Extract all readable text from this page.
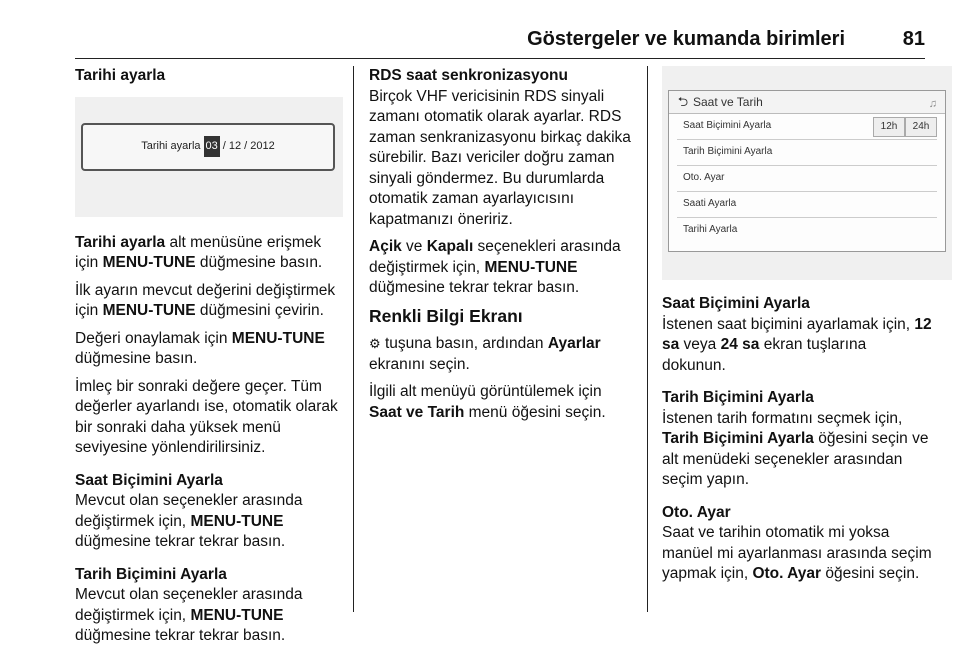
Göstergeler ve kumanda birimleri	81

Tarihi ayarla

Tarihi ayarla 03 / 12 / 2012

Tarihi ayarla alt menüsüne erişmek için MENU-TUNE düğmesine basın.

İlk ayarın mevcut değerini değiştirmek için MENU-TUNE düğmesini çevirin.

Değeri onaylamak için MENU-TUNE düğmesine basın.

İmleç bir sonraki değere geçer. Tüm değerler ayarlandı ise, otomatik olarak bir sonraki daha yüksek menü seviyesine yönlendirilirsiniz.

Saat Biçimini Ayarla

Mevcut olan seçenekler arasında değiştirmek için, MENU-TUNE düğmesine tekrar tekrar basın.

Tarih Biçimini Ayarla

Mevcut olan seçenekler arasında değiştirmek için, MENU-TUNE düğmesine tekrar tekrar basın.

RDS saat senkronizasyonu

Birçok VHF vericisinin RDS sinyali zamanı otomatik olarak ayarlar. RDS zaman senkranizasyonu birkaç dakika sürebilir. Bazı vericiler doğru zaman sinyali göndermez. Bu durumlarda otomatik zaman ayarlayıcısını kapatmanızı öneririz.

Açik ve Kapalı seçenekleri arasında değiştirmek için, MENU-TUNE düğmesine tekrar tekrar basın.

Renkli Bilgi Ekranı

⚙ tuşuna basın, ardından Ayarlar ekranını seçin.

İlgili alt menüyü görüntülemek için Saat ve Tarih menü öğesini seçin.

⮌ Saat ve Tarih	♫
Saat Biçimini Ayarla	12h	24h
Tarih Biçimini Ayarla
Oto. Ayar
Saati Ayarla
Tarihi Ayarla

Saat Biçimini Ayarla

İstenen saat biçimini ayarlamak için, 12 sa veya 24 sa ekran tuşlarına dokunun.

Tarih Biçimini Ayarla

İstenen tarih formatını seçmek için, Tarih Biçimini Ayarla öğesini seçin ve alt menüdeki seçenekler arasından seçim yapın.

Oto. Ayar

Saat ve tarihin otomatik mi yoksa manüel mi ayarlanması arasında seçim yapmak için, Oto. Ayar öğesini seçin.
